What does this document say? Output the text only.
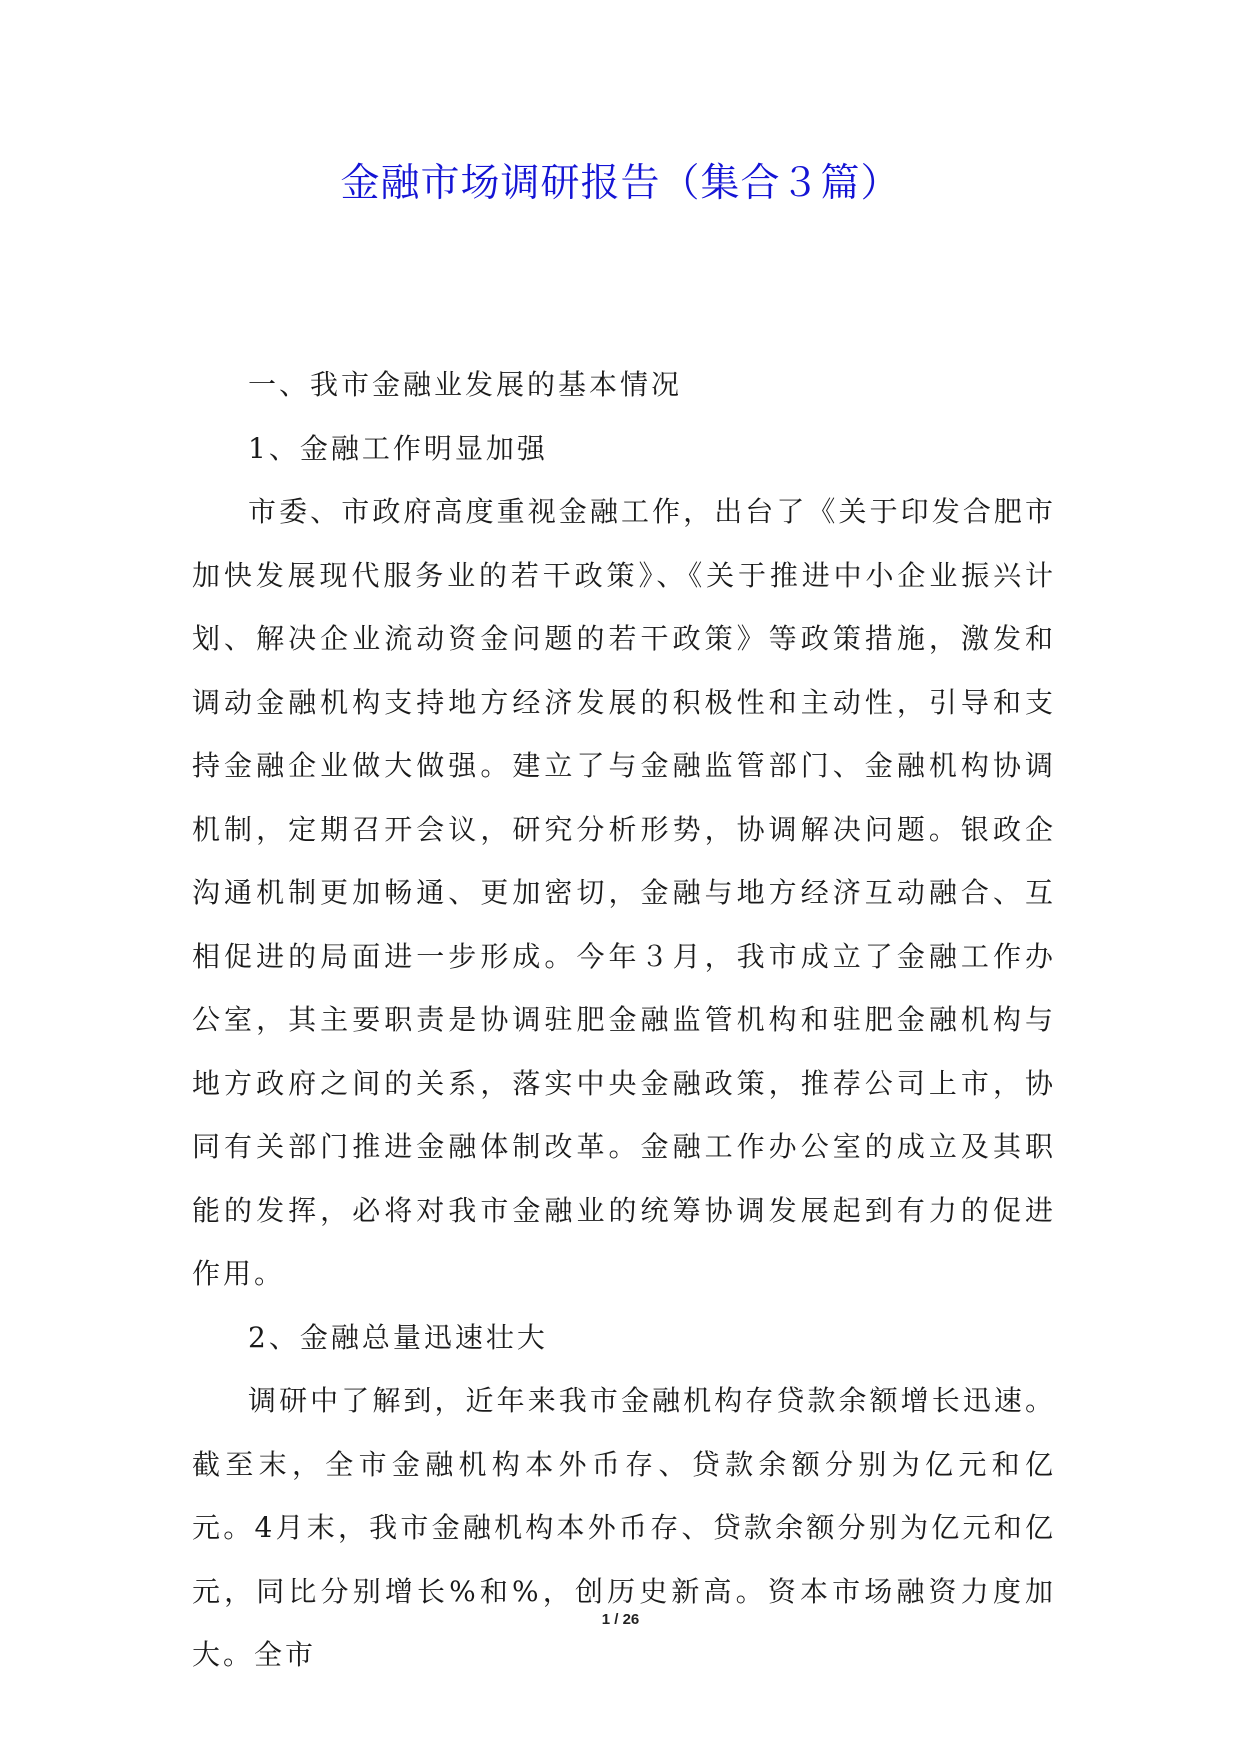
金融市场调研报告（集合３篇）

一、我市金融业发展的基本情况

1、金融工作明显加强

市委、市政府高度重视金融工作，出台了《关于印发合肥市加快发展现代服务业的若干政策》、《关于推进中小企业振兴计划、解决企业流动资金问题的若干政策》等政策措施，激发和调动金融机构支持地方经济发展的积极性和主动性，引导和支持金融企业做大做强。建立了与金融监管部门、金融机构协调机制，定期召开会议，研究分析形势，协调解决问题。银政企沟通机制更加畅通、更加密切，金融与地方经济互动融合、互相促进的局面进一步形成。今年３月，我市成立了金融工作办公室，其主要职责是协调驻肥金融监管机构和驻肥金融机构与地方政府之间的关系，落实中央金融政策，推荐公司上市，协同有关部门推进金融体制改革。金融工作办公室的成立及其职能的发挥，必将对我市金融业的统筹协调发展起到有力的促进作用。

2、金融总量迅速壮大

调研中了解到，近年来我市金融机构存贷款余额增长迅速。截至末，全市金融机构本外币存、贷款余额分别为亿元和亿元。4月末，我市金融机构本外币存、贷款余额分别为亿元和亿元，同比分别增长%和%，创历史新高。资本市场融资力度加大。全市

1 / 26
